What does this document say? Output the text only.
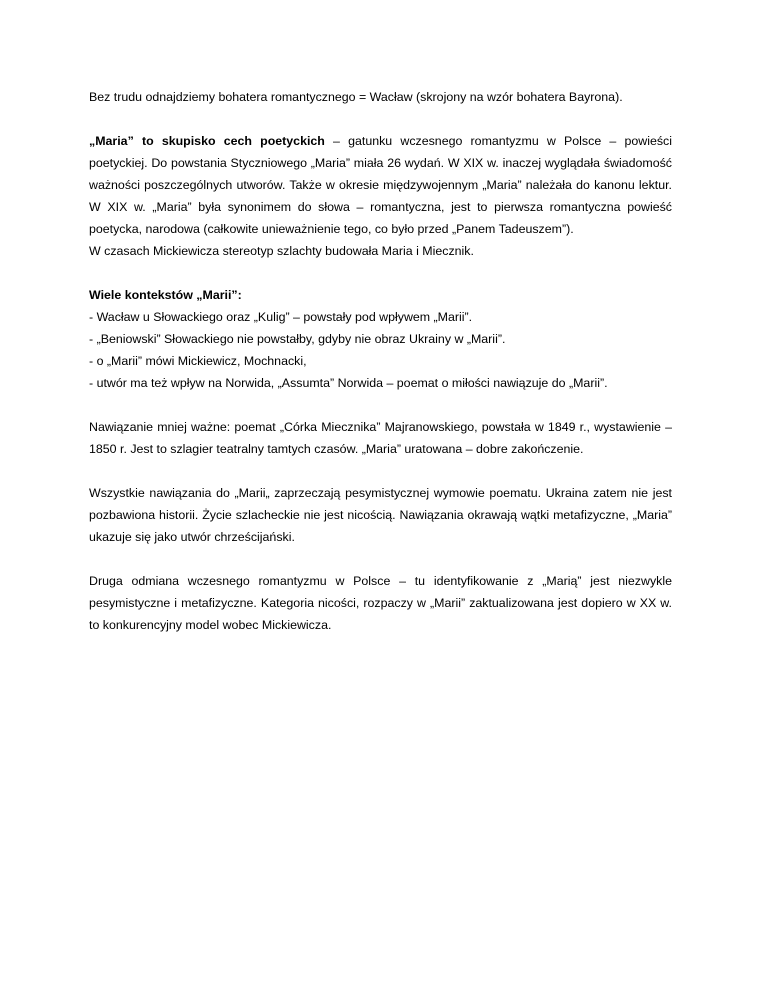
Bez trudu odnajdziemy bohatera romantycznego = Wacław (skrojony na wzór bohatera Bayrona).

„Maria” to skupisko cech poetyckich – gatunku wczesnego romantyzmu w Polsce – powieści
poetyckiej. Do powstania Styczniowego „Maria” miała 26 wydań. W XIX w. inaczej wyglądała świadomość
ważności poszczególnych utworów. Także w okresie międzywojennym „Maria” należała do kanonu lektur.
W XIX w. „Maria” była synonimem do słowa – romantyczna, jest to pierwsza romantyczna powieść
poetycka, narodowa (całkowite unieważnienie tego, co było przed „Panem Tadeuszem”).
W czasach Mickiewicza stereotyp szlachty budowała Maria i Miecznik.

Wiele kontekstów „Marii”:
- Wacław u Słowackiego oraz „Kulig” – powstały pod wpływem „Marii”.
- „Beniowski” Słowackiego nie powstałby, gdyby nie obraz Ukrainy w „Marii”.
- o „Marii” mówi Mickiewicz, Mochnacki,
- utwór ma też wpływ na Norwida, „Assumta” Norwida – poemat o miłości nawiązuje do „Marii”.

Nawiązanie mniej ważne: poemat „Córka Miecznika” Majranowskiego, powstała w 1849 r., wystawienie –
1850 r. Jest to szlagier teatralny tamtych czasów. „Maria” uratowana – dobre zakończenie.

Wszystkie nawiązania do „Marii„ zaprzeczają pesymistycznej wymowie poematu. Ukraina zatem nie jest
pozbawiona historii. Życie szlacheckie nie jest nicością. Nawiązania okrawają wątki metafizyczne, „Maria”
ukazuje się jako utwór chrześcijański.

Druga odmiana wczesnego romantyzmu w Polsce – tu identyfikowanie z „Marią” jest niezwykle
pesymistyczne i metafizyczne. Kategoria nicości, rozpaczy w „Marii” zaktualizowana jest dopiero w XX w.
to konkurencyjny model wobec Mickiewicza.
